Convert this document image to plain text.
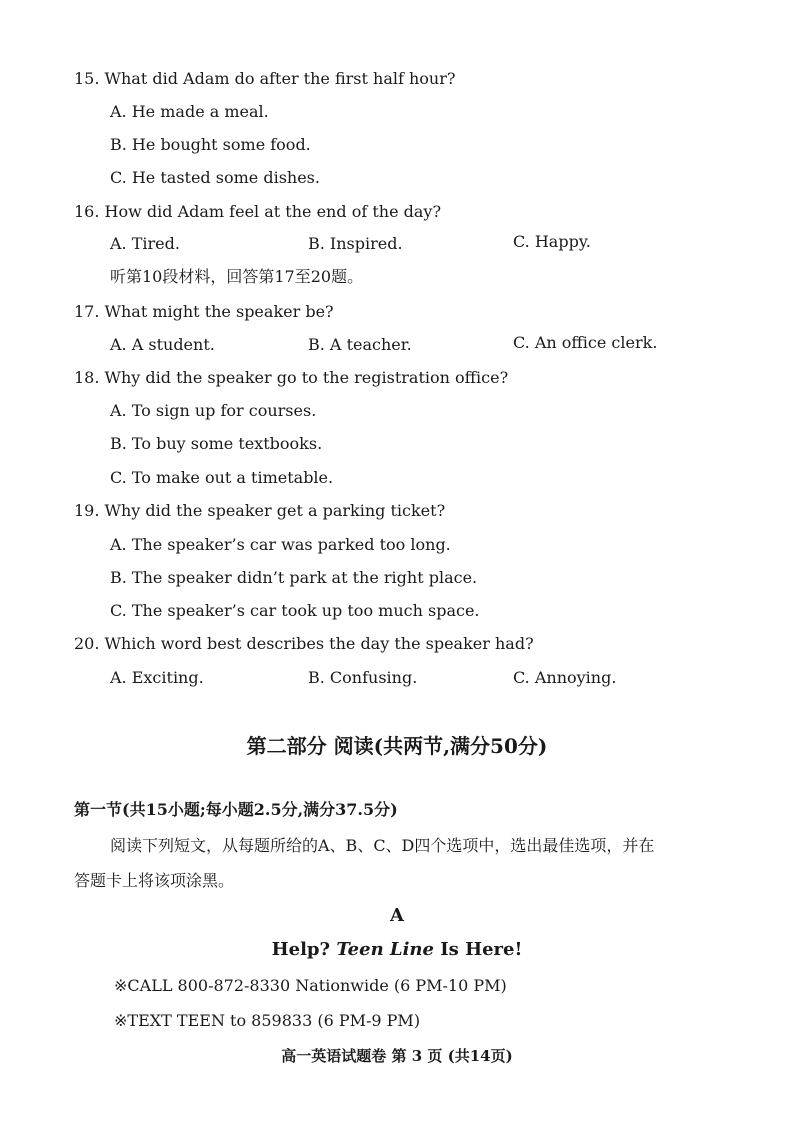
15. What did Adam do after the first half hour?
A. He made a meal.
B. He bought some food.
C. He tasted some dishes.
16. How did Adam feel at the end of the day?
A. Tired.	B. Inspired.	C. Happy.
听第10段材料，回答第17至20题。
17. What might the speaker be?
A. A student.	B. A teacher.	C. An office clerk.
18. Why did the speaker go to the registration office?
A. To sign up for courses.
B. To buy some textbooks.
C. To make out a timetable.
19. Why did the speaker get a parking ticket?
A. The speaker’s car was parked too long.
B. The speaker didn’t park at the right place.
C. The speaker’s car took up too much space.
20. Which word best describes the day the speaker had?
A. Exciting.	B. Confusing.	C. Annoying.
第二部分 阅读(共两节,满分50分)
第一节(共15小题;每小题2.5分,满分37.5分)
阅读下列短文，从每题所给的A、B、C、D四个选项中，选出最佳选项，并在
答题卡上将该项涂黑。
A
Help? Teen Line Is Here!
※CALL 800-872-8330 Nationwide (6 PM-10 PM)
※TEXT TEEN to 859833 (6 PM-9 PM)
高一英语试题卷 第 3 页 (共14页)
